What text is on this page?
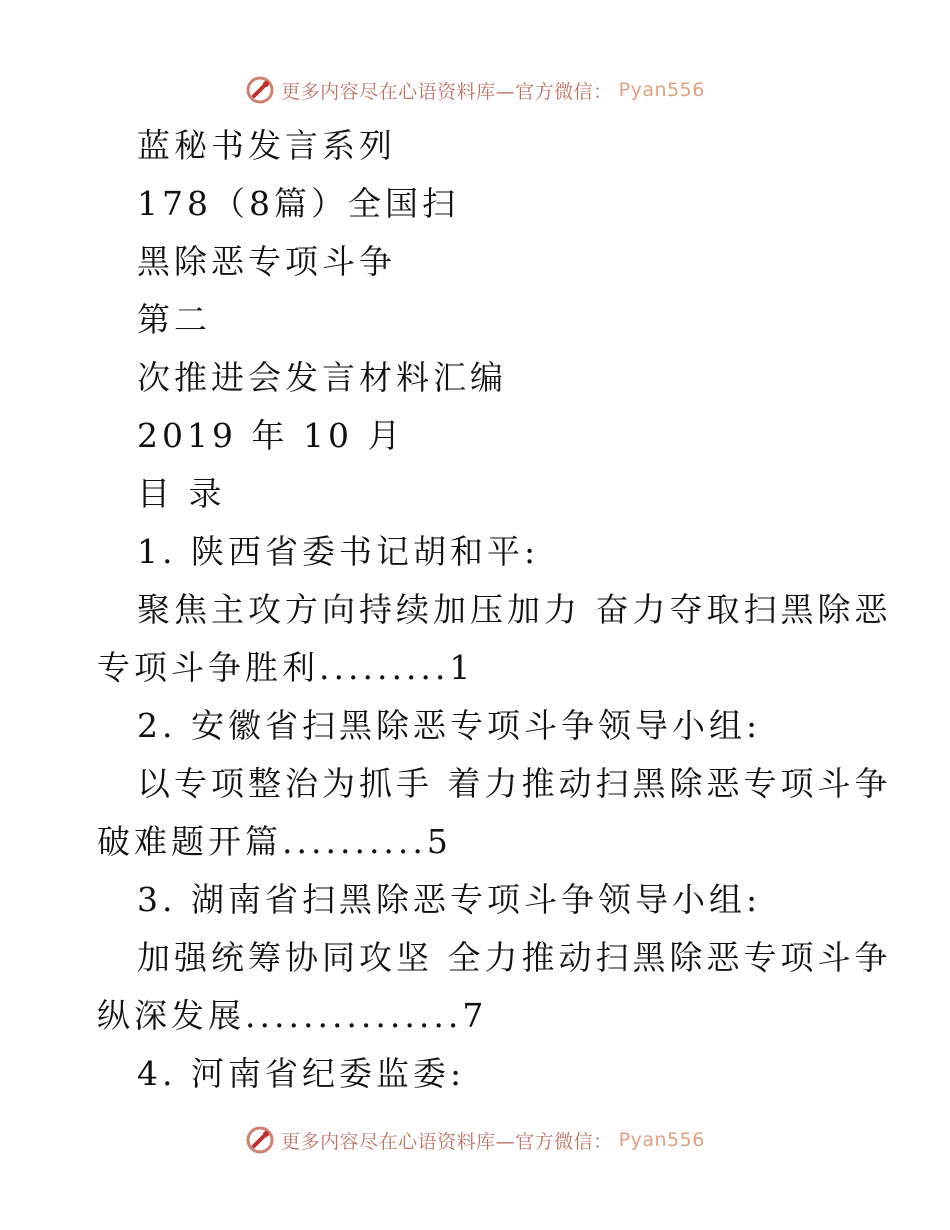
更多内容尽在心语资料库—官方微信： Pyan556
蓝秘书发言系列
178（8篇）全国扫
黑除恶专项斗争
第二
次推进会发言材料汇编
2019 年 10 月
目 录
1. 陕西省委书记胡和平:
聚焦主攻方向持续加压加力 奋力夺取扫黑除恶
专项斗争胜利.........1
2. 安徽省扫黑除恶专项斗争领导小组:
以专项整治为抓手 着力推动扫黑除恶专项斗争
破难题开篇..........5
3. 湖南省扫黑除恶专项斗争领导小组:
加强统筹协同攻坚 全力推动扫黑除恶专项斗争
纵深发展...............7
4. 河南省纪委监委:
更多内容尽在心语资料库—官方微信： Pyan556
